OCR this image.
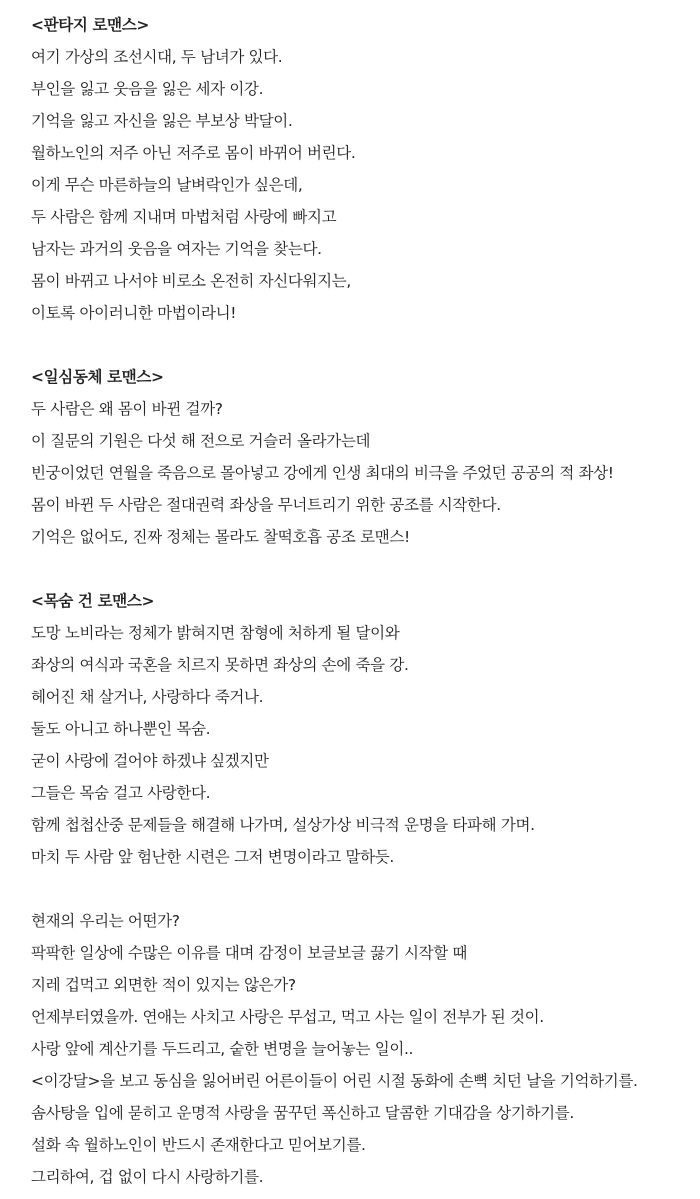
<판타지 로맨스>
여기 가상의 조선시대, 두 남녀가 있다.
부인을 잃고 웃음을 잃은 세자 이강.
기억을 잃고 자신을 잃은 부보상 박달이.
월하노인의 저주 아닌 저주로 몸이 바뀌어 버린다.
이게 무슨 마른하늘의 날벼락인가 싶은데,
두 사람은 함께 지내며 마법처럼 사랑에 빠지고
남자는 과거의 웃음을 여자는 기억을 찾는다.
몸이 바뀌고 나서야 비로소 온전히 자신다워지는,
이토록 아이러니한 마법이라니!
<일심동체 로맨스>
두 사람은 왜 몸이 바뀐 걸까?
이 질문의 기원은 다섯 해 전으로 거슬러 올라가는데
빈궁이었던 연월을 죽음으로 몰아넣고 강에게 인생 최대의 비극을 주었던 공공의 적 좌상!
몸이 바뀐 두 사람은 절대권력 좌상을 무너트리기 위한 공조를 시작한다.
기억은 없어도, 진짜 정체는 몰라도 찰떡호흡 공조 로맨스!
<목숨 건 로맨스>
도망 노비라는 정체가 밝혀지면 참형에 처하게 될 달이와
좌상의 여식과 국혼을 치르지 못하면 좌상의 손에 죽을 강.
헤어진 채 살거나, 사랑하다 죽거나.
둘도 아니고 하나뿐인 목숨.
굳이 사랑에 걸어야 하겠냐 싶겠지만
그들은 목숨 걸고 사랑한다.
함께 첩첩산중 문제들을 해결해 나가며, 설상가상 비극적 운명을 타파해 가며.
마치 두 사람 앞 험난한 시련은 그저 변명이라고 말하듯.
현재의 우리는 어떤가?
팍팍한 일상에 수많은 이유를 대며 감정이 보글보글 끓기 시작할 때
지레 겁먹고 외면한 적이 있지는 않은가?
언제부터였을까. 연애는 사치고 사랑은 무섭고, 먹고 사는 일이 전부가 된 것이.
사랑 앞에 계산기를 두드리고, 숱한 변명을 늘어놓는 일이..
<이강달>을 보고 동심을 잃어버린 어른이들이 어린 시절 동화에 손뼉 치던 날을 기억하기를.
솜사탕을 입에 묻히고 운명적 사랑을 꿈꾸던 폭신하고 달콤한 기대감을 상기하기를.
설화 속 월하노인이 반드시 존재한다고 믿어보기를.
그리하여, 겁 없이 다시 사랑하기를.
